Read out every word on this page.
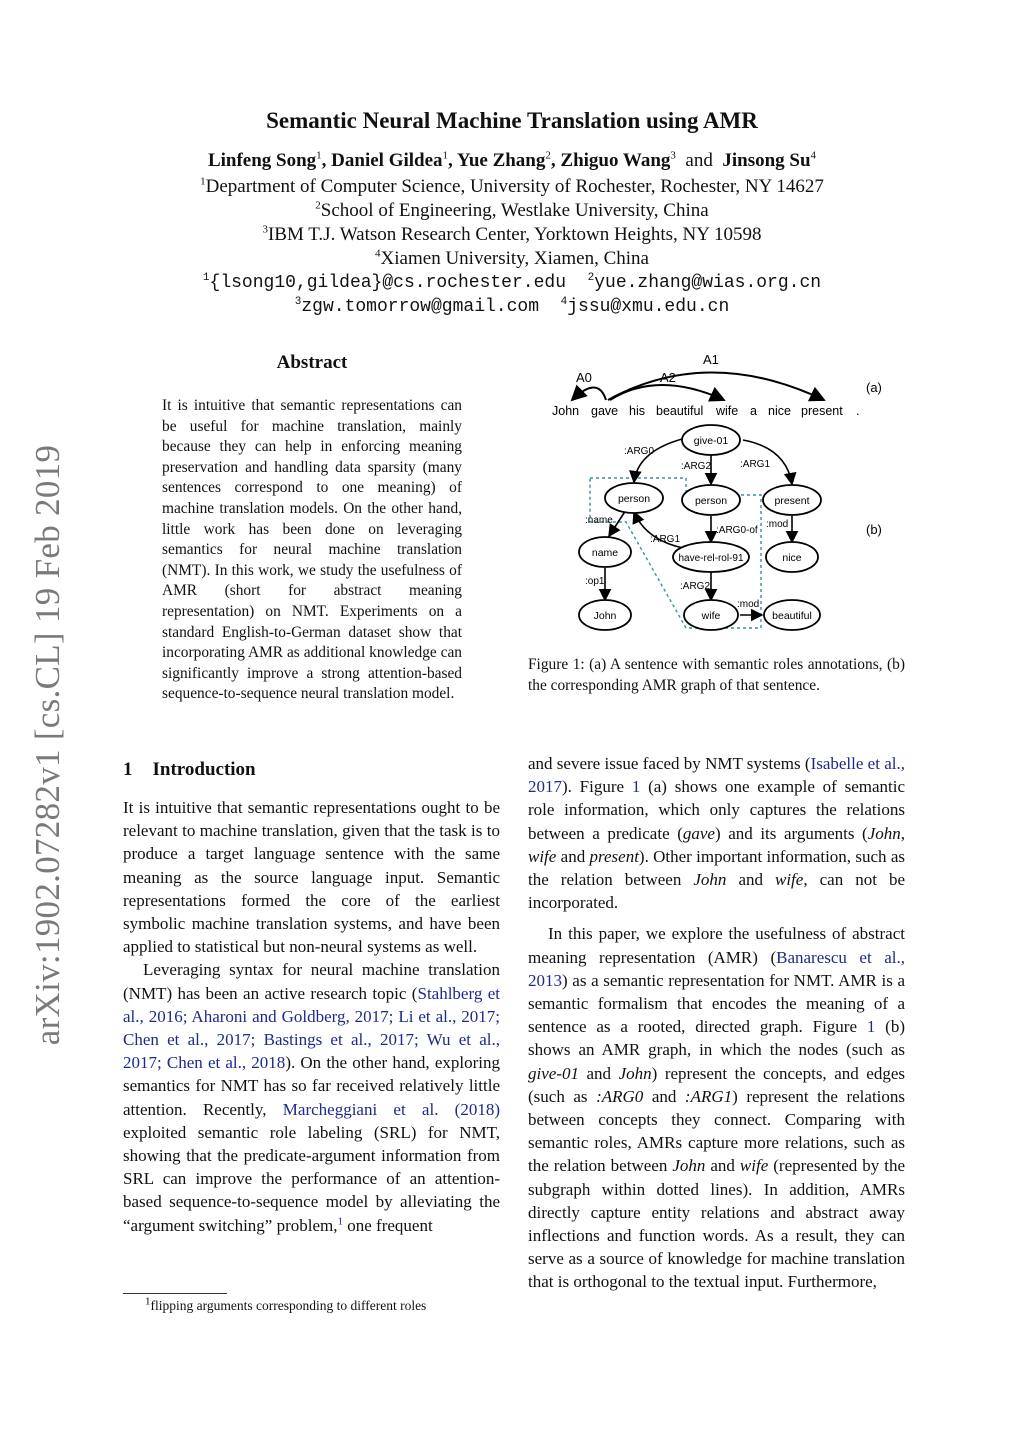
Semantic Neural Machine Translation using AMR
Linfeng Song$^1$, Daniel Gildea$^1$, Yue Zhang$^2$, Zhiguo Wang$^3$ and Jinsong Su$^4$
$^1$Department of Computer Science, University of Rochester, Rochester, NY 14627
$^2$School of Engineering, Westlake University, China
$^3$IBM T.J. Watson Research Center, Yorktown Heights, NY 10598
$^4$Xiamen University, Xiamen, China
$^1${lsong10,gildea}@cs.rochester.edu $^2$yue.zhang@wias.org.cn
$^3$zgw.tomorrow@gmail.com $^4$jssu@xmu.edu.cn
arXiv:1902.07282v1 [cs.CL] 19 Feb 2019
Abstract
It is intuitive that semantic representations can be useful for machine translation, mainly because they can help in enforcing meaning preservation and handling data sparsity (many sentences correspond to one meaning) of machine translation models. On the other hand, little work has been done on leveraging semantics for neural machine translation (NMT). In this work, we study the usefulness of AMR (short for abstract meaning representation) on NMT. Experiments on a standard English-to-German dataset show that incorporating AMR as additional knowledge can significantly improve a strong attention-based sequence-to-sequence neural translation model.
A0	A2
A1
(a)
John gave his beautiful wife a nice present .
:ARG0
:ARG2	:ARG1
:name
:ARG1
:ARG0-of
:mod
:op1	:ARG2
:mod
give-01
person	person	present
name	have-rel-rol-91	nice
John	wife	beautiful
(b)
Figure 1: (a) A sentence with semantic roles annotations, (b) the corresponding AMR graph of that sentence.
1 Introduction

It is intuitive that semantic representations ought to be relevant to machine translation, given that the task is to produce a target language sentence with the same meaning as the source language input. Semantic representations formed the core of the earliest symbolic machine translation systems, and have been applied to statistical but non-neural systems as well.

Leveraging syntax for neural machine translation (NMT) has been an active research topic (Stahlberg et al., 2016; Aharoni and Goldberg, 2017; Li et al., 2017; Chen et al., 2017; Bastings et al., 2017; Wu et al., 2017; Chen et al., 2018). On the other hand, exploring semantics for NMT has so far received relatively little attention. Recently, Marcheggiani et al. (2018) exploited semantic role labeling (SRL) for NMT, showing that the predicate-argument information from SRL can improve the performance of an attention-based sequence-to-sequence model by alleviating the “argument switching” problem,$^1$ one frequent

$^1$flipping arguments corresponding to different roles

and severe issue faced by NMT systems (Isabelle et al., 2017). Figure 1 (a) shows one example of semantic role information, which only captures the relations between a predicate (gave) and its arguments (John, wife and present). Other important information, such as the relation between John and wife, can not be incorporated.

In this paper, we explore the usefulness of abstract meaning representation (AMR) (Banarescu et al., 2013) as a semantic representation for NMT. AMR is a semantic formalism that encodes the meaning of a sentence as a rooted, directed graph. Figure 1 (b) shows an AMR graph, in which the nodes (such as give-01 and John) represent the concepts, and edges (such as :ARG0 and :ARG1) represent the relations between concepts they connect. Comparing with semantic roles, AMRs capture more relations, such as the relation between John and wife (represented by the subgraph within dotted lines). In addition, AMRs directly capture entity relations and abstract away inflections and function words. As a result, they can serve as a source of knowledge for machine translation that is orthogonal to the textual input. Furthermore,
